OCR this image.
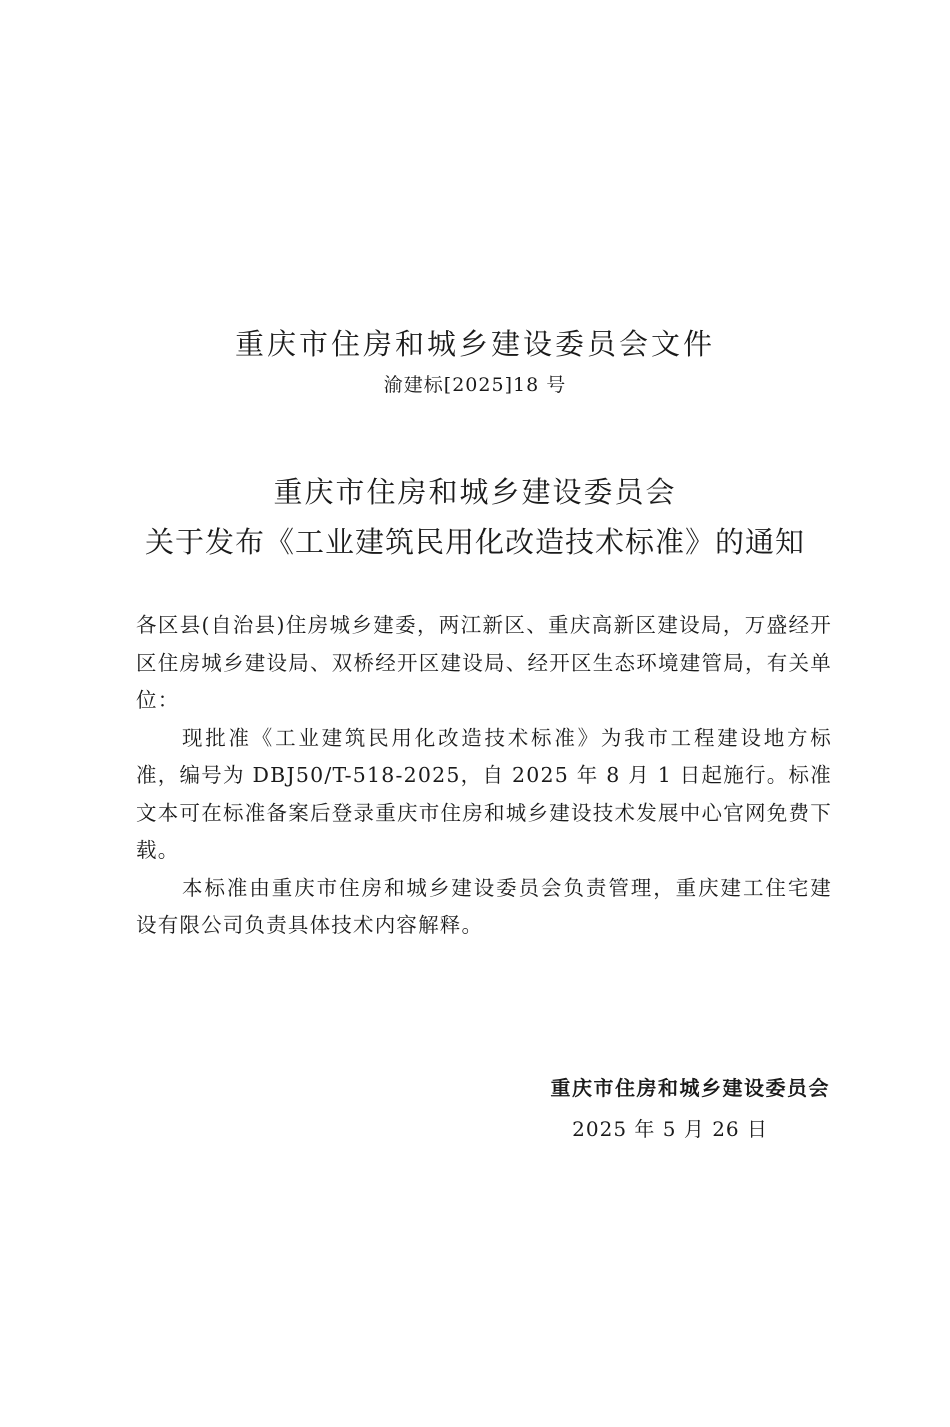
重庆市住房和城乡建设委员会文件
渝建标[2025]18 号
重庆市住房和城乡建设委员会
关于发布《工业建筑民用化改造技术标准》的通知

各区县(自治县)住房城乡建委，两江新区、重庆高新区建设局，万盛经开区住房城乡建设局、双桥经开区建设局、经开区生态环境建管局，有关单位：

现批准《工业建筑民用化改造技术标准》为我市工程建设地方标准，编号为 DBJ50/T-518-2025，自 2025 年 8 月 1 日起施行。标准文本可在标准备案后登录重庆市住房和城乡建设技术发展中心官网免费下载。

本标准由重庆市住房和城乡建设委员会负责管理，重庆建工住宅建设有限公司负责具体技术内容解释。

重庆市住房和城乡建设委员会
2025 年 5 月 26 日
